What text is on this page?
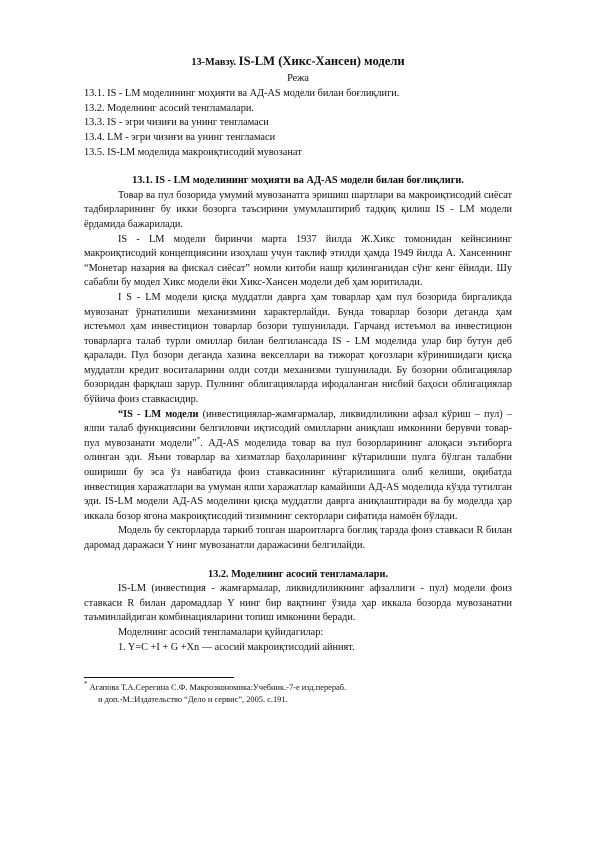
13-Мавзу. IS-LM (Хикс-Хансен) модели
Режа

13.1. IS - LM моделининг моҳияти ва АД-AS модели билан боғлиқлиги.

13.2. Моделнинг асосий тенгламалари.

13.3. IS - эгри чизиғи ва унинг тенгламаси

13.4. LM - эгри чизиғи ва унинг тенгламаси

13.5. IS-LM моделида макроиқтисодий мувозанат

13.1. IS - LM моделининг моҳияти ва АД-AS модели билан боғлиқлиги.

Товар ва пул бозорида умумий мувозанатга эришиш шартлари ва макроиқтисодий сиёсат тадбирларининг бу икки бозорга таъсирини умумлаштириб тадқиқ қилиш IS - LM модели ёрдамида бажарилади.

IS - LM модели биринчи марта 1937 йилда Ж.Хикс томонидан кейнсининг макроиқтисодий концепциясини изоҳлаш учун таклиф этилди ҳамда 1949 йилда А. Хансеннинг “Монетар назария ва фискал сиёсат” номли китоби нашр қилинганидан сўнг кенг ёйилди. Шу сабабли бу модел Хикс модели ёки Хикс-Хансен модели деб ҳам юритилади.

I S - LM модели қисқа муддатли даврга ҳам товарлар ҳам пул бозорида биргаликда мувозанат ўрнатилиши механизмини характерлайди. Бунда товарлар бозори деганда ҳам истеъмол ҳам инвестицион товарлар бозори тушунилади. Гарчанд истеъмол ва инвестицион товарларга талаб турли омиллар билан белгилансада IS - LM моделида улар бир бутун деб қаралади. Пул бозори деганда хазина векселлари ва тижорат қоғозлари кўринишидаги қисқа муддатли кредит воситаларини олди сотди механизми тушунилади. Бу бозорни облигациялар бозоридан фарқлаш зарур. Пулнинг облигацияларда ифодаланган нисбий баҳоси облигациялар бўйича фоиз ставкасидир.

“IS - LM модели (инвестициялар-жамғармалар, ликвидлиликни афзал кўриш – пул) – ялпи талаб функциясини белгиловчи иқтисодий омилларни аниқлаш имконини берувчи товар-пул мувозанати модели”*. АД-AS моделида товар ва пул бозорларининг алоқаси эътиборга олинган эди. Яъни товарлар ва хизматлар баҳоларининг кўтарилиши пулга бўлган талабни ошириши бу эса ўз навбатида фоиз ставкасининг кўтарилишига олиб келиши, оқибатда инвестиция харажатлари ва умуман ялпи харажатлар камайиши АД-AS моделида кўзда тутилган эди. IS-LM модели АД-AS моделини қисқа муддатли даврга аниқлаштиради ва бу моделда ҳар иккала бозор ягона макроиқтисодий тизимнинг секторлари сифатида намоён бўлади.

Модель бу секторларда таркиб топган шароитларга боғлиқ тарзда фоиз ставкаси R билан даромад даражаси Y нинг мувозанатли даражасини белгилайди.

13.2. Моделнинг асосий тенгламалари.

IS-LM (инвестиция - жамғармалар, ликвидлиликнинг афзаллиги - пул) модели фоиз ставкаси R билан даромадлар Y нинг бир вақтнинг ўзида ҳар иккала бозорда мувозанатни таъминлайдиган комбинацияларини топиш имконини беради.

Моделнинг асосий тенгламалари қуйидагилар:

1. Y=C +I + G +Xn — асосий макроиқтисодий айният.

* Агапова Т.А.Серегина С.Ф. Макроэкономика:Учебник.-7-е изд.перераб.
и доп.-М.:Издательство “Дело и сервис”, 2005. с.191.
